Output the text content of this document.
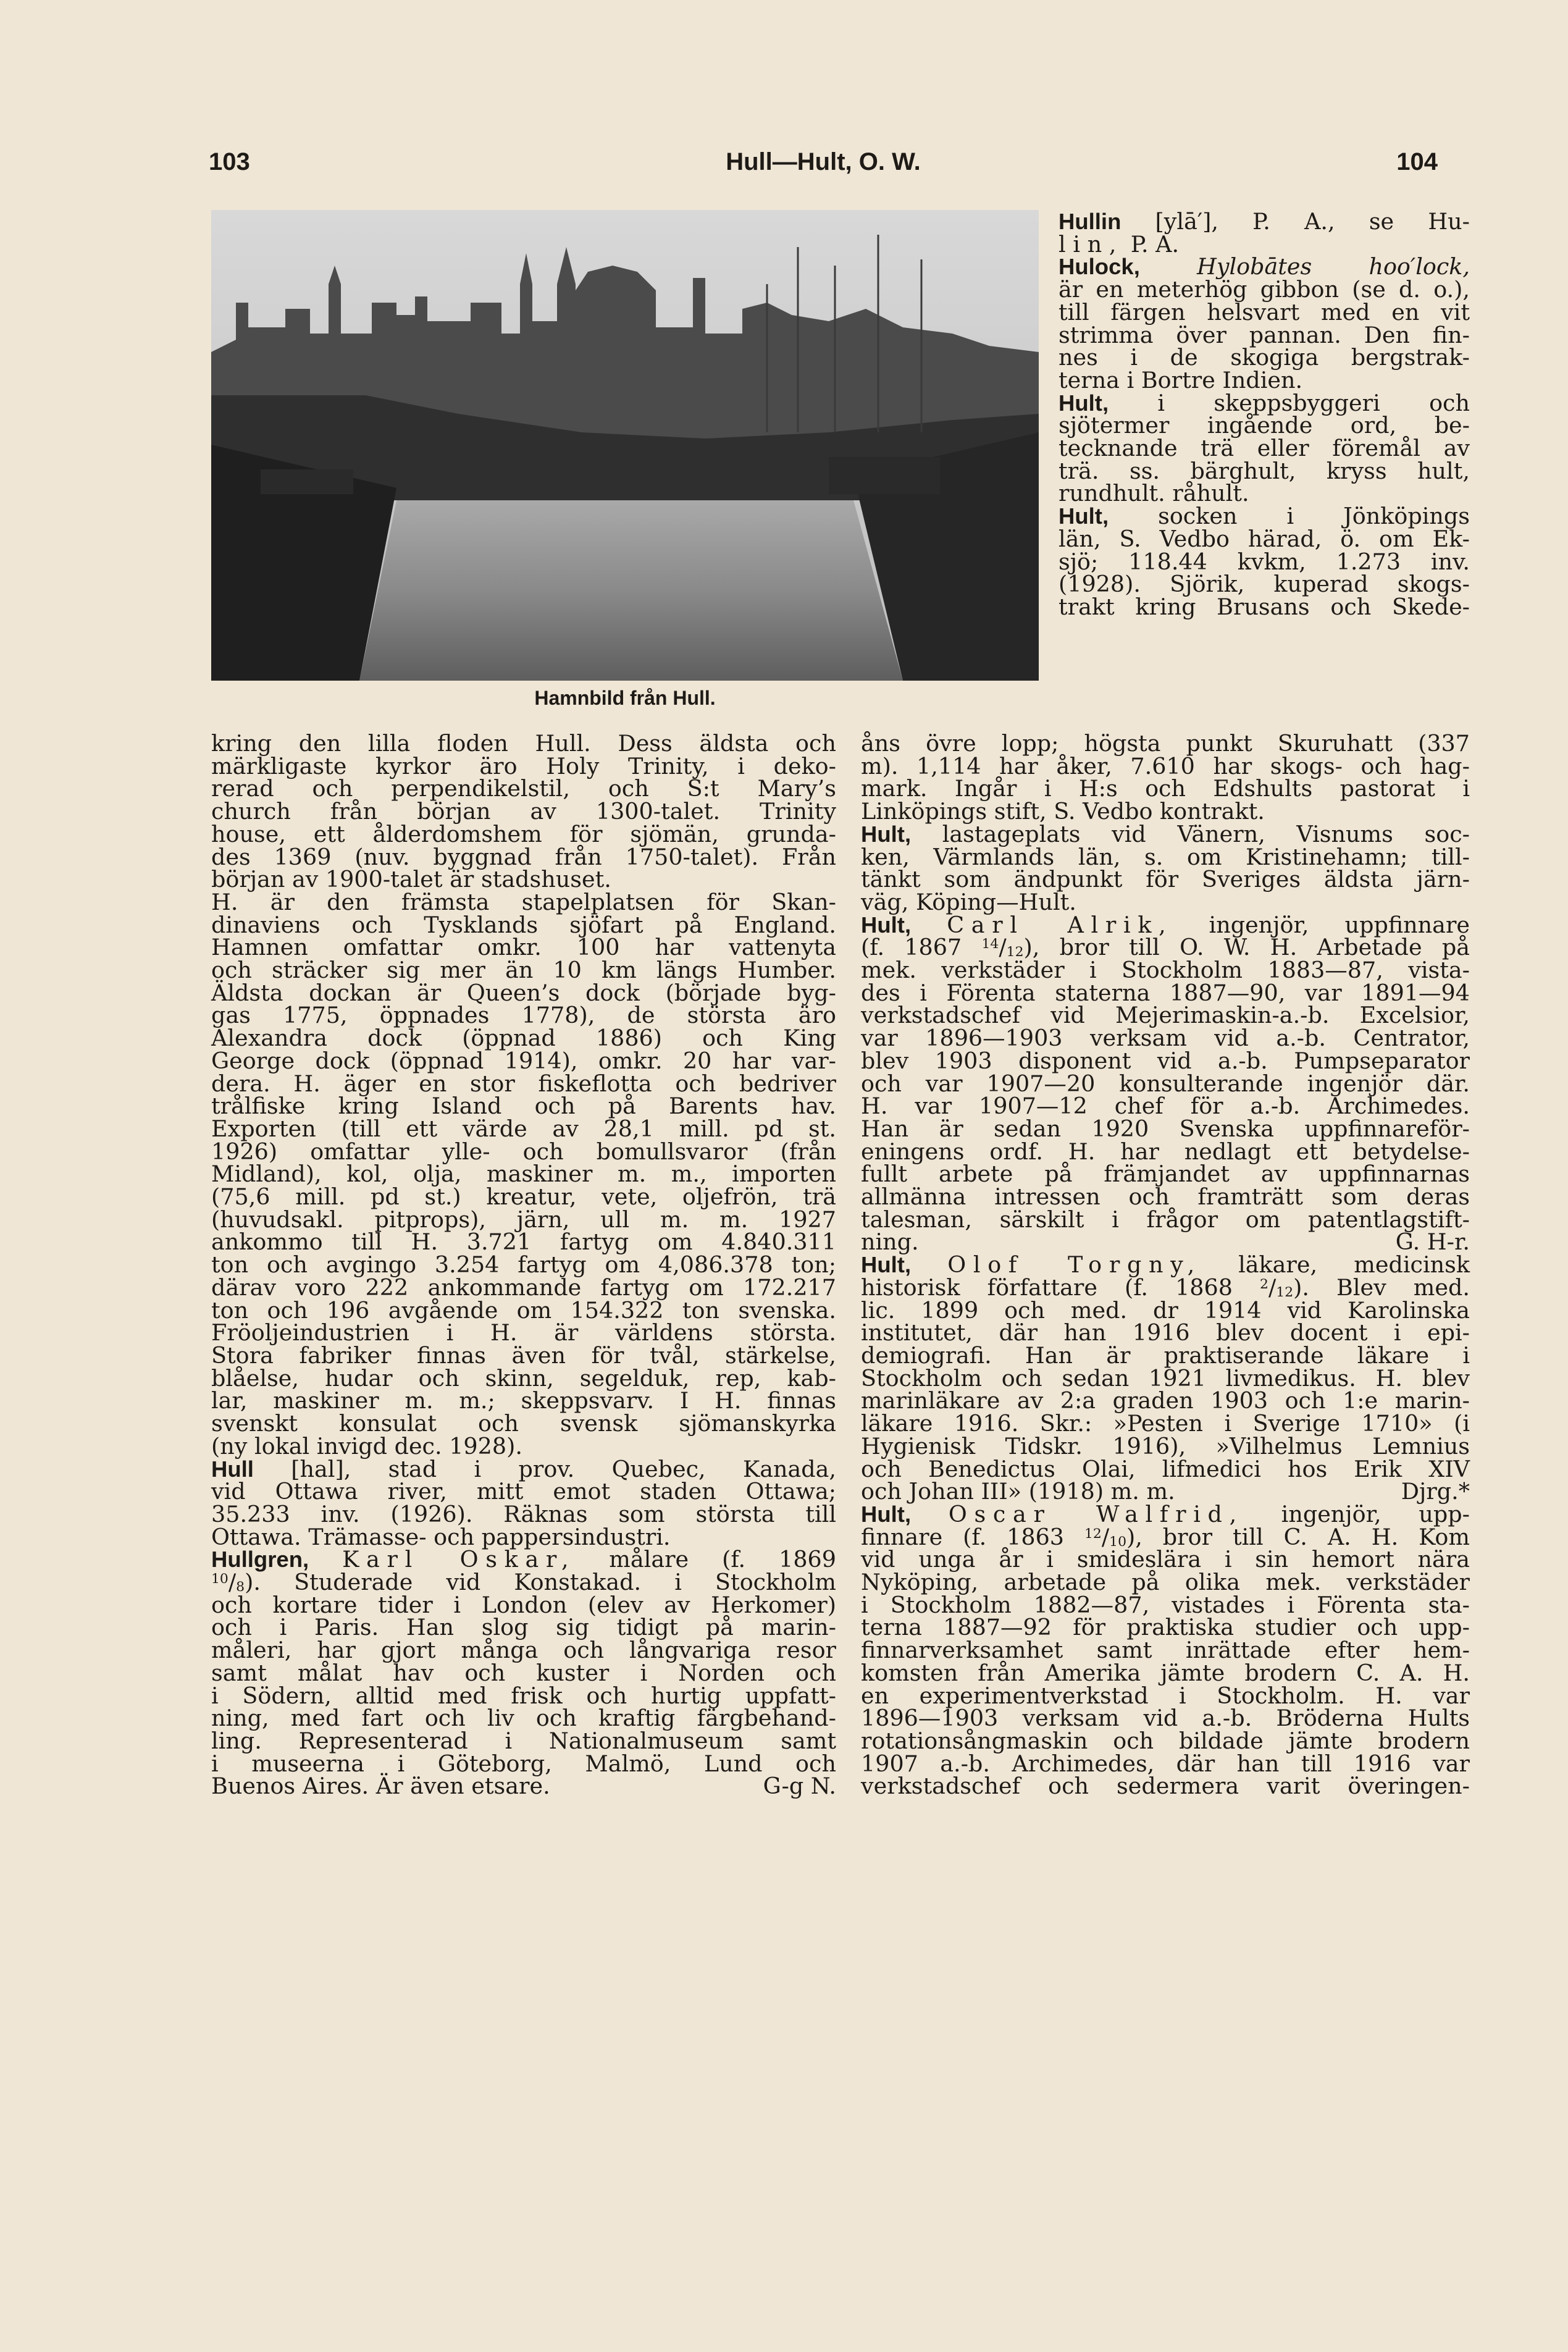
103	Hull—Hult, O. W.	104
Hamnbild från Hull.
kring den lilla floden Hull. Dess äldsta och
märkligaste kyrkor äro Holy Trinity, i deko-
rerad och perpendikelstil, och S:t Mary’s
church från början av 1300-talet. Trinity
house, ett ålderdomshem för sjömän, grunda-
des 1369 (nuv. byggnad från 1750-talet). Från
början av 1900-talet är stadshuset.
H. är den främsta stapelplatsen för Skan-
dinaviens och Tysklands sjöfart på England.
Hamnen omfattar omkr. 100 har vattenyta
och sträcker sig mer än 10 km längs Humber.
Äldsta dockan är Queen’s dock (började byg-
gas 1775, öppnades 1778), de största äro
Alexandra dock (öppnad 1886) och King
George dock (öppnad 1914), omkr. 20 har var-
dera. H. äger en stor fiskeflotta och bedriver
trålfiske kring Island och på Barents hav.
Exporten (till ett värde av 28,1 mill. pd st.
1926) omfattar ylle- och bomullsvaror (från
Midland), kol, olja, maskiner m. m., importen
(75,6 mill. pd st.) kreatur, vete, oljefrön, trä
(huvudsakl. pitprops), järn, ull m. m. 1927
ankommo till H. 3.721 fartyg om 4.840.311
ton och avgingo 3.254 fartyg om 4,086.378 ton;
därav voro 222 ankommande fartyg om 172.217
ton och 196 avgående om 154.322 ton svenska.
Fröoljeindustrien i H. är världens största.
Stora fabriker finnas även för tvål, stärkelse,
blåelse, hudar och skinn, segelduk, rep, kab-
lar, maskiner m. m.; skeppsvarv. I H. finnas
svenskt konsulat och svensk sjömanskyrka
(ny lokal invigd dec. 1928).
Hull [hal], stad i prov. Quebec, Kanada,
vid Ottawa river, mitt emot staden Ottawa;
35.233 inv. (1926). Räknas som största till
Ottawa. Trämasse- och pappersindustri.
Hullgren, Karl Oskar, målare (f. 1869
$^{10}/_8$). Studerade vid Konstakad. i Stockholm
och kortare tider i London (elev av Herkomer)
och i Paris. Han slog sig tidigt på marin-
måleri, har gjort många och långvariga resor
samt målat hav och kuster i Norden och
i Södern, alltid med frisk och hurtig uppfatt-
ning, med fart och liv och kraftig färgbehand-
ling. Representerad i Nationalmuseum samt
i museerna i Göteborg, Malmö, Lund och
Buenos Aires. Är även etsare.	G-g N.
Hullin [ylā′], P. A., se Hu-
lin, P. A.
Hulock,	Hylobātes	hoo′lock,
är en meterhög gibbon (se d. o.),
till färgen helsvart med en vit
strimma över pannan. Den fin-
nes i de skogiga bergstrak-
terna i Bortre Indien.
Hult, i skeppsbyggeri och
sjötermer ingående ord, be-
tecknande trä eller föremål av
trä. ss. bärghult, kryss hult,
rundhult. råhult.
Hult, socken i Jönköpings
län, S. Vedbo härad, ö. om Ek-
sjö; 118.44 kvkm, 1.273 inv.
(1928). Sjörik, kuperad skogs-
trakt kring Brusans och Skede-
åns övre lopp; högsta punkt Skuruhatt (337
m). 1,114 har åker, 7.610 har skogs- och hag-
mark. Ingår i H:s och Edshults pastorat i
Linköpings stift, S. Vedbo kontrakt.
Hult, lastageplats vid Vänern, Visnums soc-
ken, Värmlands län, s. om Kristinehamn; till-
tänkt som ändpunkt för Sveriges äldsta järn-
väg, Köping—Hult.
Hult, Carl Alrik, ingenjör, uppfinnare
(f. 1867 $^{14}/_{12}$), bror till O. W. H. Arbetade på
mek. verkstäder i Stockholm 1883—87, vista-
des i Förenta staterna 1887—90, var 1891—94
verkstadschef vid Mejerimaskin-a.-b. Excelsior,
var 1896—1903 verksam vid a.-b. Centrator,
blev 1903 disponent vid a.-b. Pumpseparator
och var 1907—20 konsulterande ingenjör där.
H. var 1907—12 chef för a.-b. Archimedes.
Han är sedan 1920 Svenska uppfinnareför-
eningens ordf. H. har nedlagt ett betydelse-
fullt arbete på främjandet av uppfinnarnas
allmänna intressen och framträtt som deras
talesman, särskilt i frågor om patentlagstift-
ning.	G. H-r.
Hult, Olof Torgny, läkare, medicinsk
historisk författare (f. 1868 $^2/_{12}$). Blev med.
lic. 1899 och med. dr 1914 vid Karolinska
institutet, där han 1916 blev docent i epi-
demiografi. Han är praktiserande läkare i
Stockholm och sedan 1921 livmedikus. H. blev
marinläkare av 2:a graden 1903 och 1:e marin-
läkare 1916. Skr.: »Pesten i Sverige 1710» (i
Hygienisk Tidskr. 1916), »Vilhelmus Lemnius
och Benedictus Olai, lifmedici hos Erik XIV
och Johan III» (1918) m. m.	Djrg.*
Hult, Oscar Walfrid, ingenjör, upp-
finnare (f. 1863 $^{12}/_{10}$), bror till C. A. H. Kom
vid unga år i smideslära i sin hemort nära
Nyköping, arbetade på olika mek. verkstäder
i Stockholm 1882—87, vistades i Förenta sta-
terna 1887—92 för praktiska studier och upp-
finnarverksamhet samt inrättade efter hem-
komsten från Amerika jämte brodern C. A. H.
en experimentverkstad i Stockholm. H. var
1896—1903 verksam vid a.-b. Bröderna Hults
rotationsångmaskin och bildade jämte brodern
1907 a.-b. Archimedes, där han till 1916 var
verkstadschef och sedermera varit överingen-
